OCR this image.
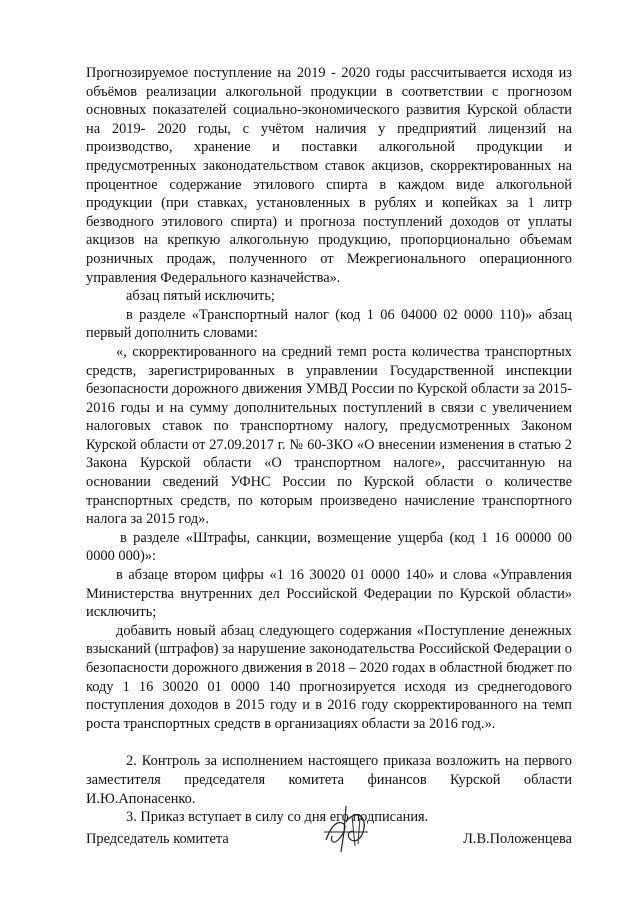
Прогнозируемое поступление на 2019 - 2020 годы рассчитывается исходя из объёмов реализации алкогольной продукции в соответствии с прогнозом основных показателей социально-экономического развития Курской области на 2019- 2020 годы, с учётом наличия у предприятий лицензий на производство, хранение и поставки алкогольной продукции и предусмотренных законодательством ставок акцизов, скорректированных на процентное содержание этилового спирта в каждом виде алкогольной продукции (при ставках, установленных в рублях и копейках за 1 литр безводного этилового спирта) и прогноза поступлений доходов от уплаты акцизов на крепкую алкогольную продукцию, пропорционально объемам розничных продаж, полученного от Межрегионального операционного управления Федерального казначейства».

абзац пятый исключить;

в разделе «Транспортный налог (код 1 06 04000 02 0000 110)» абзац первый дополнить словами:

«, скорректированного на средний темп роста количества транспортных средств, зарегистрированных в управлении Государственной инспекции безопасности дорожного движения УМВД России по Курской области за 2015-2016 годы и на сумму дополнительных поступлений в связи с увеличением налоговых ставок по транспортному налогу, предусмотренных Законом Курской области от 27.09.2017 г. № 60-ЗКО «О внесении изменения в статью 2 Закона Курской области «О транспортном налоге», рассчитанную на основании сведений УФНС России по Курской области о количестве транспортных средств, по которым произведено начисление транспортного налога за 2015 год».

в разделе «Штрафы, санкции, возмещение ущерба (код 1 16 00000 00 0000 000)»:

в абзаце втором цифры «1 16 30020 01 0000 140» и слова «Управления Министерства внутренних дел Российской Федерации по Курской области» исключить;

добавить новый абзац следующего содержания «Поступление денежных взысканий (штрафов) за нарушение законодательства Российской Федерации о безопасности дорожного движения в 2018 – 2020 годах в областной бюджет по коду 1 16 30020 01 0000 140 прогнозируется исходя из среднегодового поступления доходов в 2015 году и в 2016 году скорректированного на темп роста транспортных средств в организациях области за 2016 год.».

2. Контроль за исполнением настоящего приказа возложить на первого заместителя председателя комитета финансов Курской области И.Ю.Апонасенко.

3. Приказ вступает в силу со дня его подписания.

Председатель комитета	Л.В.Положенцева
